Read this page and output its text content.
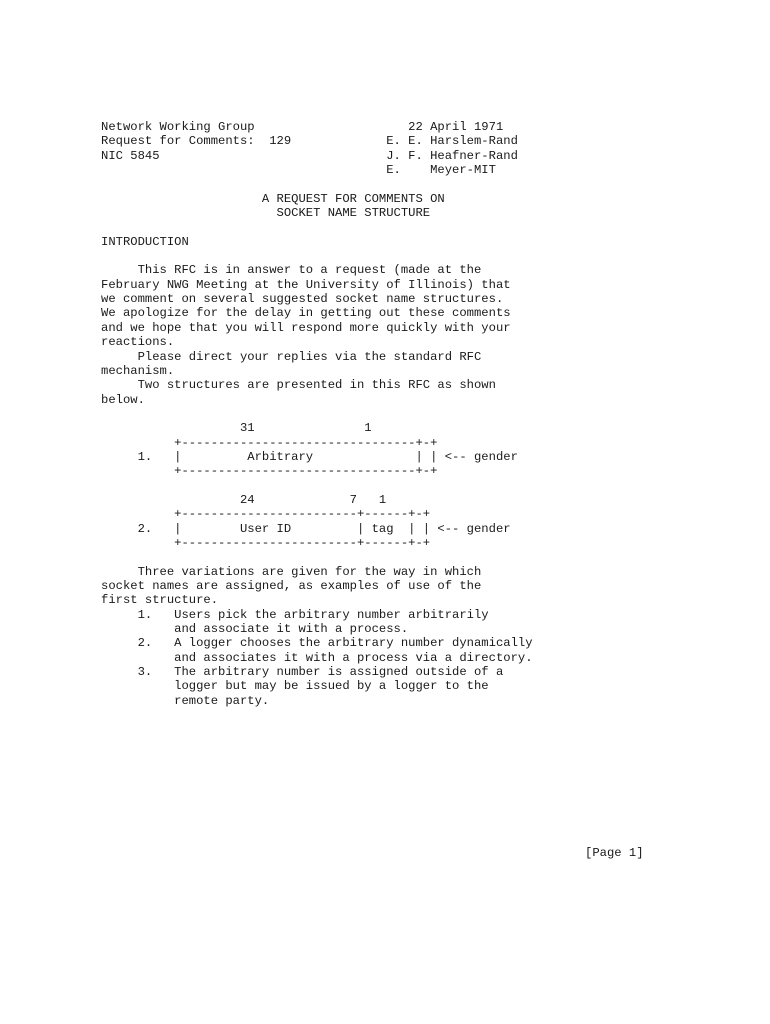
Network Working Group                     22 April 1971
Request for Comments:  129             E. E. Harslem-Rand
NIC 5845                               J. F. Heafner-Rand
E.    Meyer-MIT
A REQUEST FOR COMMENTS ON
SOCKET NAME STRUCTURE
INTRODUCTION
This RFC is in answer to a request (made at the
February NWG Meeting at the University of Illinois) that
we comment on several suggested socket name structures.
We apologize for the delay in getting out these comments
and we hope that you will respond more quickly with your
reactions.
Please direct your replies via the standard RFC
mechanism.
Two structures are presented in this RFC as shown
below.
31               1
+--------------------------------+-+
1.   |         Arbitrary              | | <-- gender
+--------------------------------+-+
24             7   1
+------------------------+------+-+
2.   |        User ID         | tag  | | <-- gender
+------------------------+------+-+
Three variations are given for the way in which
socket names are assigned, as examples of use of the
first structure.
1.   Users pick the arbitrary number arbitrarily
and associate it with a process.
2.   A logger chooses the arbitrary number dynamically
and associates it with a process via a directory.
3.   The arbitrary number is assigned outside of a
logger but may be issued by a logger to the
remote party.
[Page 1]
